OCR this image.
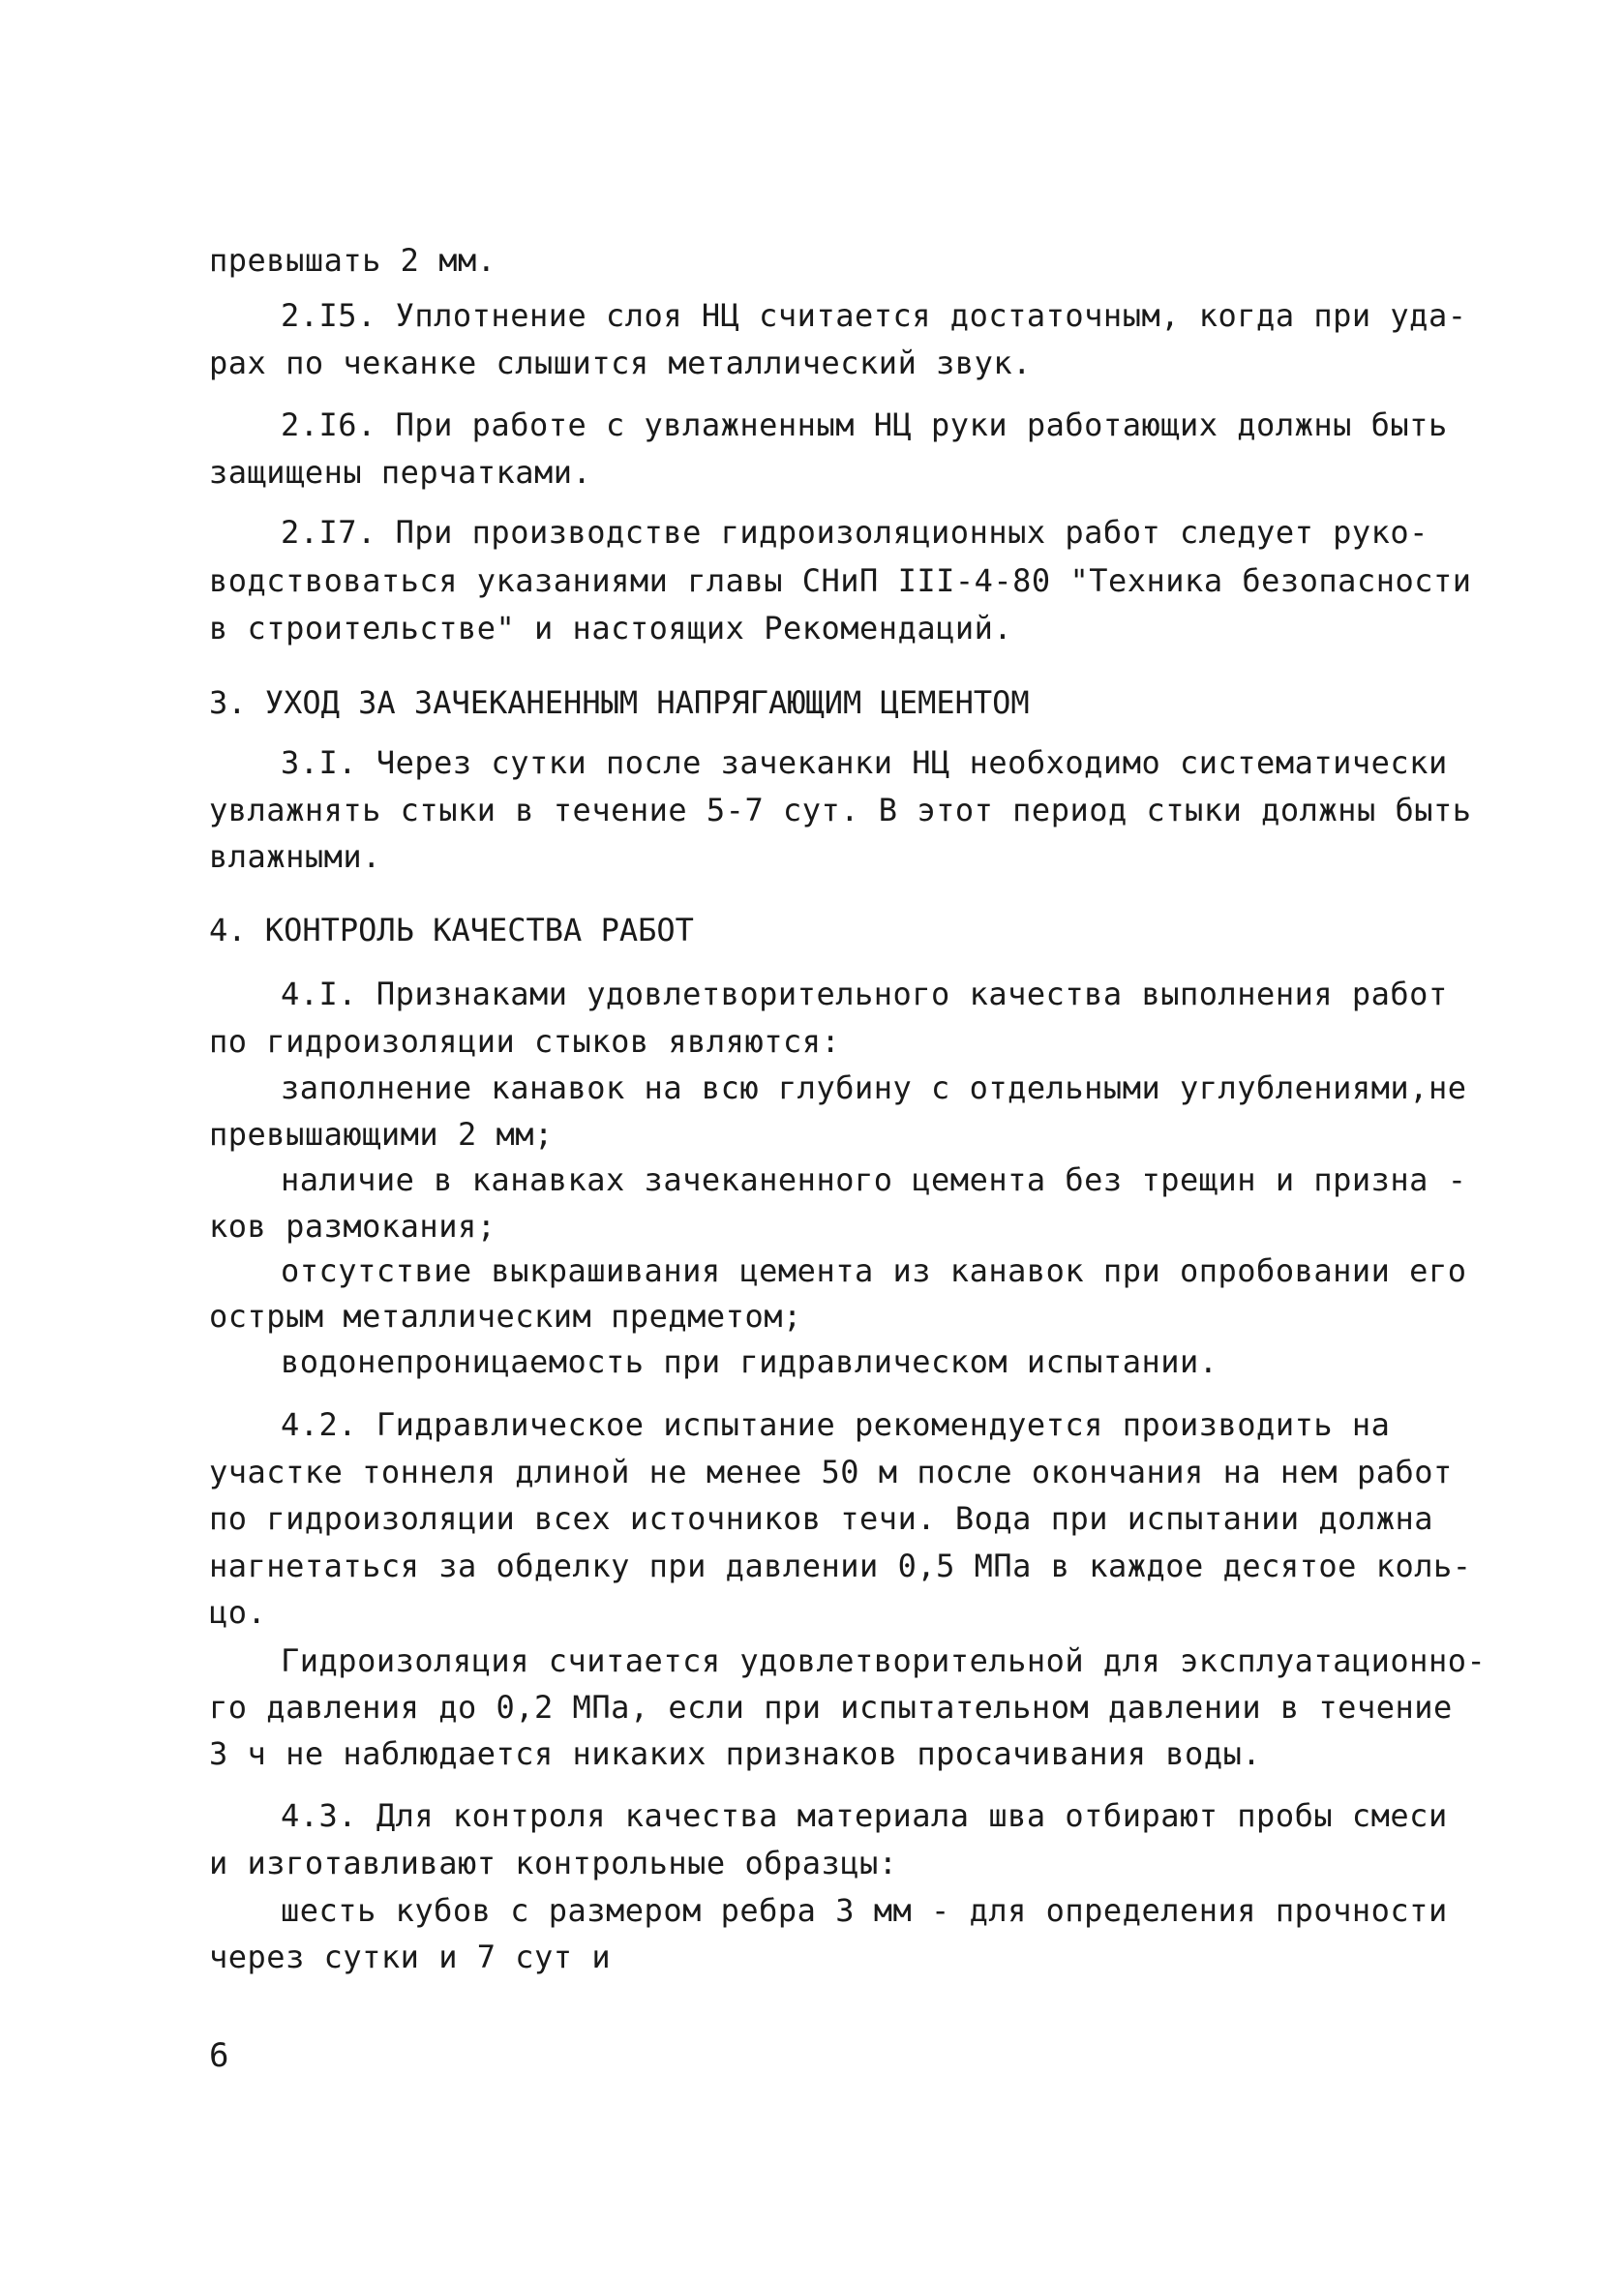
превышать 2 мм.
2.I5. Уплотнение слоя НЦ считается достаточным, когда при уда-
рах по чеканке слышится металлический звук.
2.I6. При работе с увлажненным НЦ руки работающих должны быть
защищены перчатками.
2.I7. При производстве гидроизоляционных работ следует руко-
водствоваться указаниями главы СНиП III-4-80 "Техника безопасности
в строительстве" и настоящих Рекомендаций.
3. УХОД ЗА ЗАЧЕКАНЕННЫМ НАПРЯГАЮЩИМ ЦЕМЕНТОМ
3.I. Через сутки после зачеканки НЦ необходимо систематически
увлажнять стыки в течение 5-7 сут. В этот период стыки должны быть
влажными.
4. КОНТРОЛЬ КАЧЕСТВА РАБОТ
4.I. Признаками удовлетворительного качества выполнения работ
по гидроизоляции стыков являются:
заполнение канавок на всю глубину с отдельными углублениями,не
превышающими 2 мм;
наличие в канавках зачеканенного цемента без трещин и призна -
ков размокания;
отсутствие выкрашивания цемента из канавок при опробовании его
острым металлическим предметом;
водонепроницаемость при гидравлическом испытании.
4.2. Гидравлическое испытание рекомендуется производить на
участке тоннеля длиной не менее 50 м после окончания на нем работ
по гидроизоляции всех источников течи. Вода при испытании должна
нагнетаться за обделку при давлении 0,5 МПа в каждое десятое коль-
цо.
Гидроизоляция считается удовлетворительной для эксплуатационно-
го давления до 0,2 МПа, если при испытательном давлении в течение
3 ч не наблюдается никаких признаков просачивания воды.
4.3. Для контроля качества материала шва отбирают пробы смеси
и изготавливают контрольные образцы:
шесть кубов с размером ребра 3 мм - для определения прочности
через сутки и 7 сут и
6
